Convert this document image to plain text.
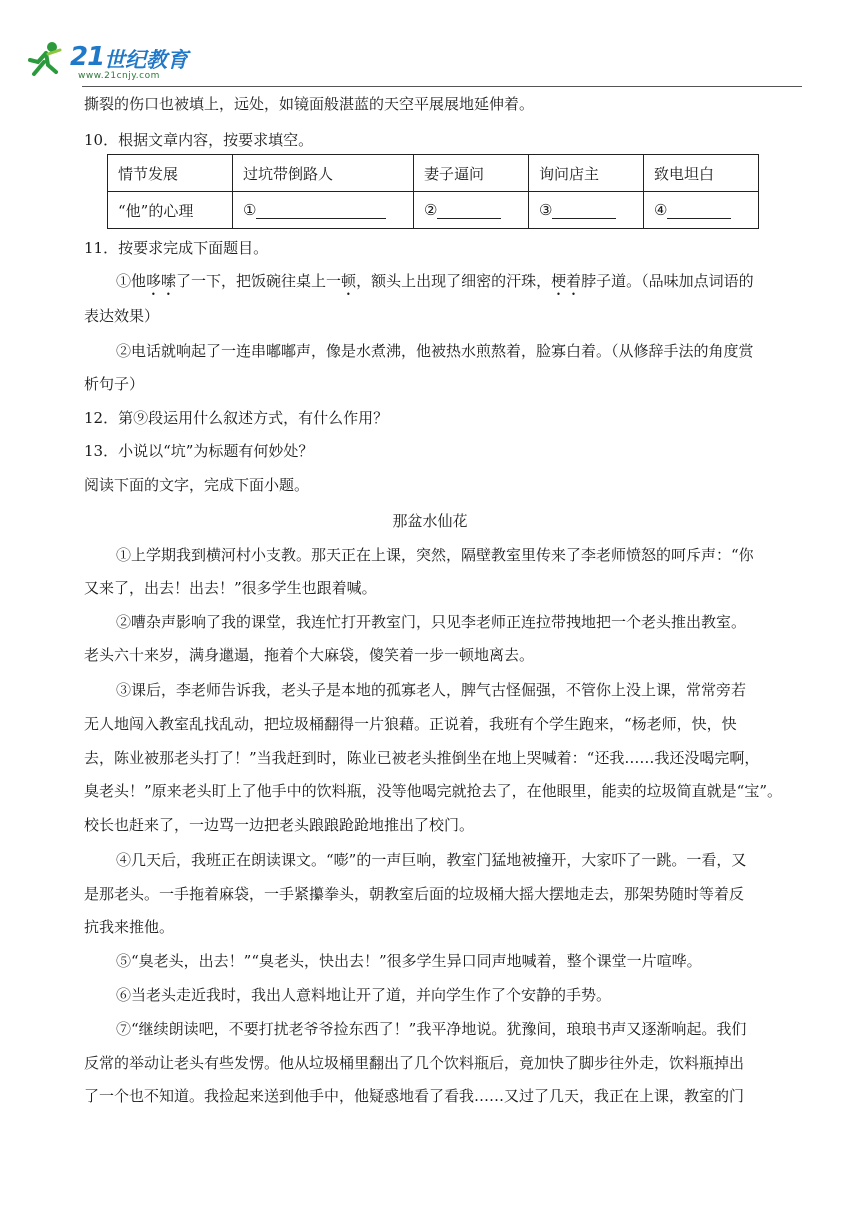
21 世纪教育
www.21cnjy.com
撕裂的伤口也被填上，远处，如镜面般湛蓝的天空平展展地延伸着。
10．根据文章内容，按要求填空。
情节发展	过坑带倒路人	妻子逼问	询问店主	致电坦白
“他”的心理	①	②	③	④
11．按要求完成下面题目。
①他哆嗦了一下，把饭碗往桌上一顿，额头上出现了细密的汗珠，梗着脖子道。（品味加点词语的
表达效果）
②电话就响起了一连串嘟嘟声，像是水煮沸，他被热水煎熬着，脸寡白着。（从修辞手法的角度赏
析句子）
12．第⑨段运用什么叙述方式，有什么作用？
13．小说以“坑”为标题有何妙处？
阅读下面的文字，完成下面小题。
那盆水仙花
①上学期我到横河村小支教。那天正在上课，突然，隔壁教室里传来了李老师愤怒的呵斥声：“你
又来了，出去！出去！”很多学生也跟着喊。
②嘈杂声影响了我的课堂，我连忙打开教室门，只见李老师正连拉带拽地把一个老头推出教室。
老头六十来岁，满身邋遢，拖着个大麻袋，傻笑着一步一顿地离去。
③课后，李老师告诉我，老头子是本地的孤寡老人，脾气古怪倔强，不管你上没上课，常常旁若
无人地闯入教室乱找乱动，把垃圾桶翻得一片狼藉。正说着，我班有个学生跑来，“杨老师，快，快
去，陈业被那老头打了！”当我赶到时，陈业已被老头推倒坐在地上哭喊着：“还我……我还没喝完啊，
臭老头！”原来老头盯上了他手中的饮料瓶，没等他喝完就抢去了，在他眼里，能卖的垃圾简直就是“宝”。
校长也赶来了，一边骂一边把老头踉踉跄跄地推出了校门。
④几天后，我班正在朗读课文。“嘭”的一声巨响，教室门猛地被撞开，大家吓了一跳。一看，又
是那老头。一手拖着麻袋，一手紧攥拳头，朝教室后面的垃圾桶大摇大摆地走去，那架势随时等着反
抗我来推他。
⑤“臭老头，出去！”“臭老头，快出去！”很多学生异口同声地喊着，整个课堂一片喧哗。
⑥当老头走近我时，我出人意料地让开了道，并向学生作了个安静的手势。
⑦“继续朗读吧，不要打扰老爷爷捡东西了！”我平净地说。犹豫间，琅琅书声又逐渐响起。我们
反常的举动让老头有些发愣。他从垃圾桶里翻出了几个饮料瓶后，竟加快了脚步往外走，饮料瓶掉出
了一个也不知道。我捡起来送到他手中，他疑惑地看了看我……又过了几天，我正在上课，教室的门
